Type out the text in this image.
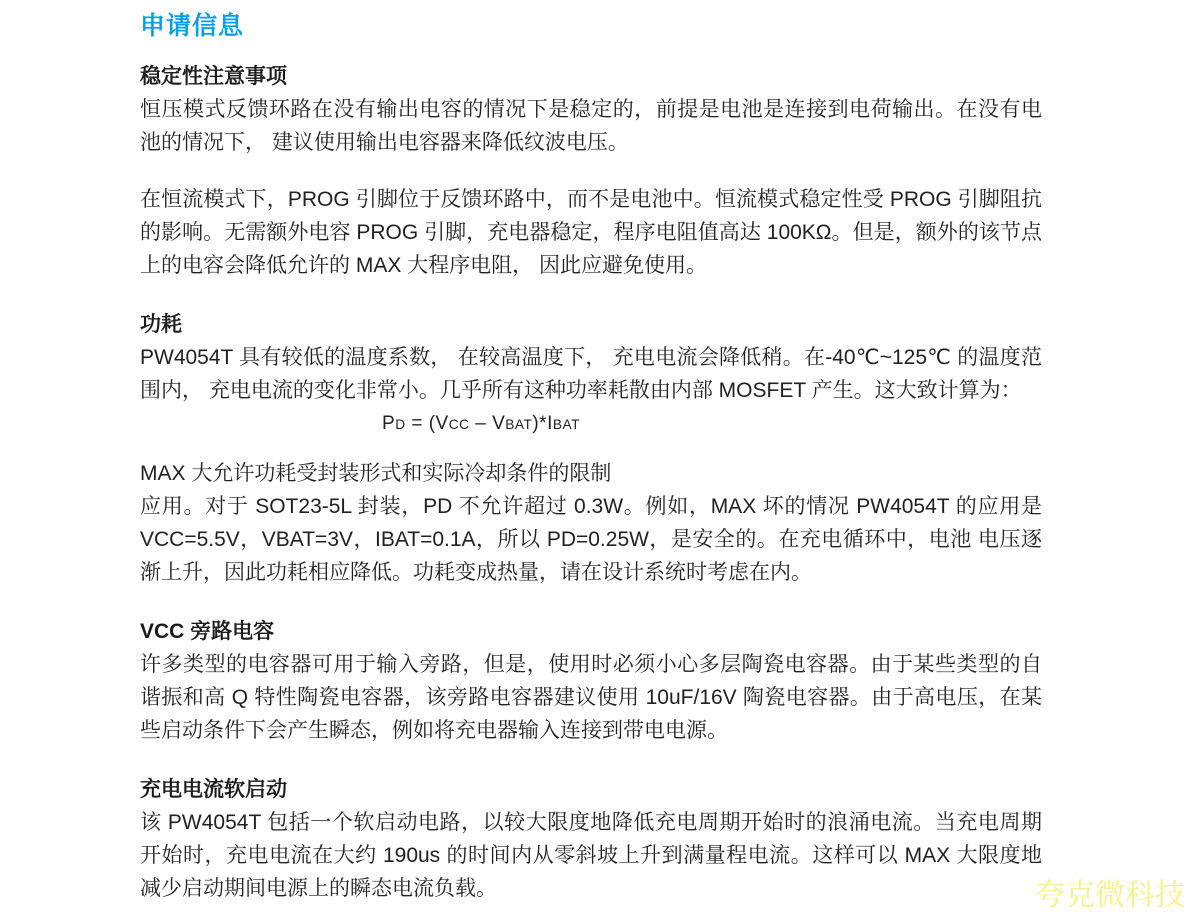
申请信息
稳定性注意事项

恒压模式反馈环路在没有输出电容的情况下是稳定的，前提是电池是连接到电荷输出。在没有电池的情况下， 建议使用输出电容器来降低纹波电压。

在恒流模式下，PROG 引脚位于反馈环路中，而不是电池中。恒流模式稳定性受 PROG 引脚阻抗的影响。无需额外电容 PROG 引脚，充电器稳定，程序电阻值高达 100KΩ。但是，额外的该节点上的电容会降低允许的 MAX 大程序电阻， 因此应避免使用。

功耗

PW4054T 具有较低的温度系数， 在较高温度下， 充电电流会降低稍。在-40℃~125℃ 的温度范围内， 充电电流的变化非常小。几乎所有这种功率耗散由内部 MOSFET 产生。这大致计算为：

PD = (VCC – VBAT)*IBAT

MAX 大允许功耗受封装形式和实际冷却条件的限制

应用。对于 SOT23-5L 封装，PD 不允许超过 0.3W。例如，MAX 坏的情况 PW4054T 的应用是 VCC=5.5V，VBAT=3V，IBAT=0.1A，所以 PD=0.25W，是安全的。在充电循环中，电池 电压逐渐上升，因此功耗相应降低。功耗变成热量，请在设计系统时考虑在内。

VCC 旁路电容

许多类型的电容器可用于输入旁路，但是，使用时必须小心多层陶瓷电容器。由于某些类型的自谐振和高 Q 特性陶瓷电容器，该旁路电容器建议使用 10uF/16V 陶瓷电容器。由于高电压，在某些启动条件下会产生瞬态，例如将充电器输入连接到带电电源。

充电电流软启动

该 PW4054T 包括一个软启动电路，以较大限度地降低充电周期开始时的浪涌电流。当充电周期开始时，充电电流在大约 190us 的时间内从零斜坡上升到满量程电流。这样可以 MAX 大限度地减少启动期间电源上的瞬态电流负载。	夸克微科技
